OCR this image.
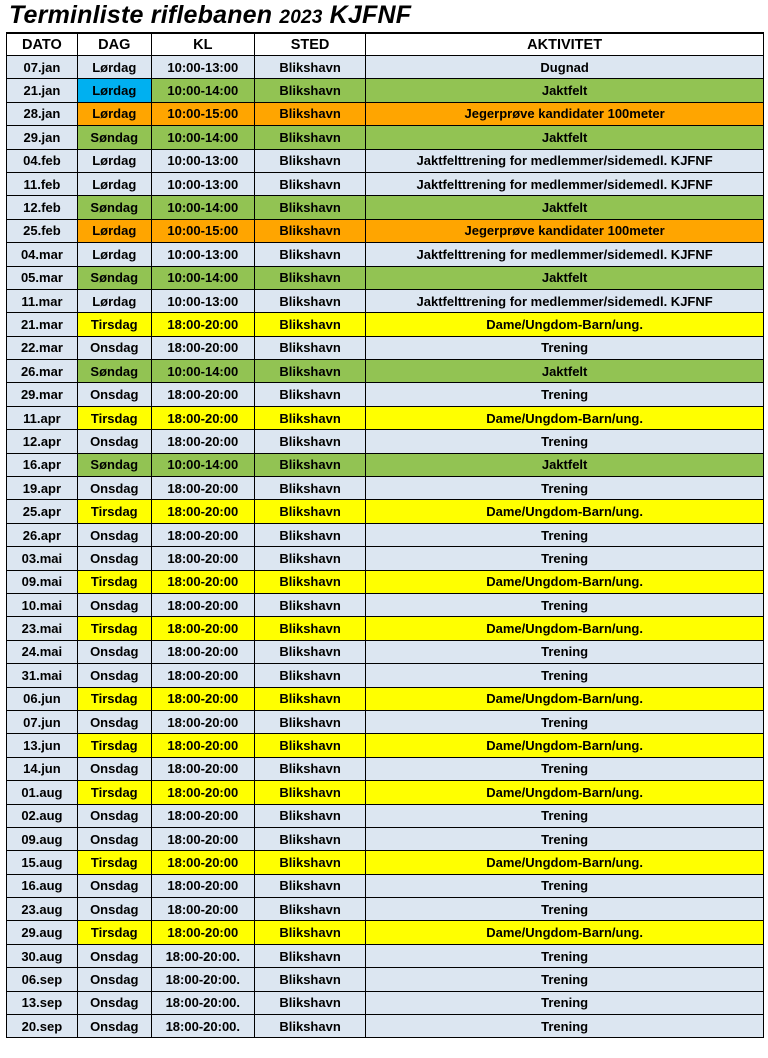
Terminliste riflebanen 2023 KJFNF
DATO	DAG	KL	STED	AKTIVITET
07.jan	Lørdag	10:00-13:00	Blikshavn	Dugnad
21.jan	Lørdag	10:00-14:00	Blikshavn	Jaktfelt
28.jan	Lørdag	10:00-15:00	Blikshavn	Jegerprøve kandidater 100meter
29.jan	Søndag	10:00-14:00	Blikshavn	Jaktfelt
04.feb	Lørdag	10:00-13:00	Blikshavn	Jaktfelttrening for medlemmer/sidemedl. KJFNF
11.feb	Lørdag	10:00-13:00	Blikshavn	Jaktfelttrening for medlemmer/sidemedl. KJFNF
12.feb	Søndag	10:00-14:00	Blikshavn	Jaktfelt
25.feb	Lørdag	10:00-15:00	Blikshavn	Jegerprøve kandidater 100meter
04.mar	Lørdag	10:00-13:00	Blikshavn	Jaktfelttrening for medlemmer/sidemedl. KJFNF
05.mar	Søndag	10:00-14:00	Blikshavn	Jaktfelt
11.mar	Lørdag	10:00-13:00	Blikshavn	Jaktfelttrening for medlemmer/sidemedl. KJFNF
21.mar	Tirsdag	18:00-20:00	Blikshavn	Dame/Ungdom-Barn/ung.
22.mar	Onsdag	18:00-20:00	Blikshavn	Trening
26.mar	Søndag	10:00-14:00	Blikshavn	Jaktfelt
29.mar	Onsdag	18:00-20:00	Blikshavn	Trening
11.apr	Tirsdag	18:00-20:00	Blikshavn	Dame/Ungdom-Barn/ung.
12.apr	Onsdag	18:00-20:00	Blikshavn	Trening
16.apr	Søndag	10:00-14:00	Blikshavn	Jaktfelt
19.apr	Onsdag	18:00-20:00	Blikshavn	Trening
25.apr	Tirsdag	18:00-20:00	Blikshavn	Dame/Ungdom-Barn/ung.
26.apr	Onsdag	18:00-20:00	Blikshavn	Trening
03.mai	Onsdag	18:00-20:00	Blikshavn	Trening
09.mai	Tirsdag	18:00-20:00	Blikshavn	Dame/Ungdom-Barn/ung.
10.mai	Onsdag	18:00-20:00	Blikshavn	Trening
23.mai	Tirsdag	18:00-20:00	Blikshavn	Dame/Ungdom-Barn/ung.
24.mai	Onsdag	18:00-20:00	Blikshavn	Trening
31.mai	Onsdag	18:00-20:00	Blikshavn	Trening
06.jun	Tirsdag	18:00-20:00	Blikshavn	Dame/Ungdom-Barn/ung.
07.jun	Onsdag	18:00-20:00	Blikshavn	Trening
13.jun	Tirsdag	18:00-20:00	Blikshavn	Dame/Ungdom-Barn/ung.
14.jun	Onsdag	18:00-20:00	Blikshavn	Trening
01.aug	Tirsdag	18:00-20:00	Blikshavn	Dame/Ungdom-Barn/ung.
02.aug	Onsdag	18:00-20:00	Blikshavn	Trening
09.aug	Onsdag	18:00-20:00	Blikshavn	Trening
15.aug	Tirsdag	18:00-20:00	Blikshavn	Dame/Ungdom-Barn/ung.
16.aug	Onsdag	18:00-20:00	Blikshavn	Trening
23.aug	Onsdag	18:00-20:00	Blikshavn	Trening
29.aug	Tirsdag	18:00-20:00	Blikshavn	Dame/Ungdom-Barn/ung.
30.aug	Onsdag	18:00-20:00.	Blikshavn	Trening
06.sep	Onsdag	18:00-20:00.	Blikshavn	Trening
13.sep	Onsdag	18:00-20:00.	Blikshavn	Trening
20.sep	Onsdag	18:00-20:00.	Blikshavn	Trening
